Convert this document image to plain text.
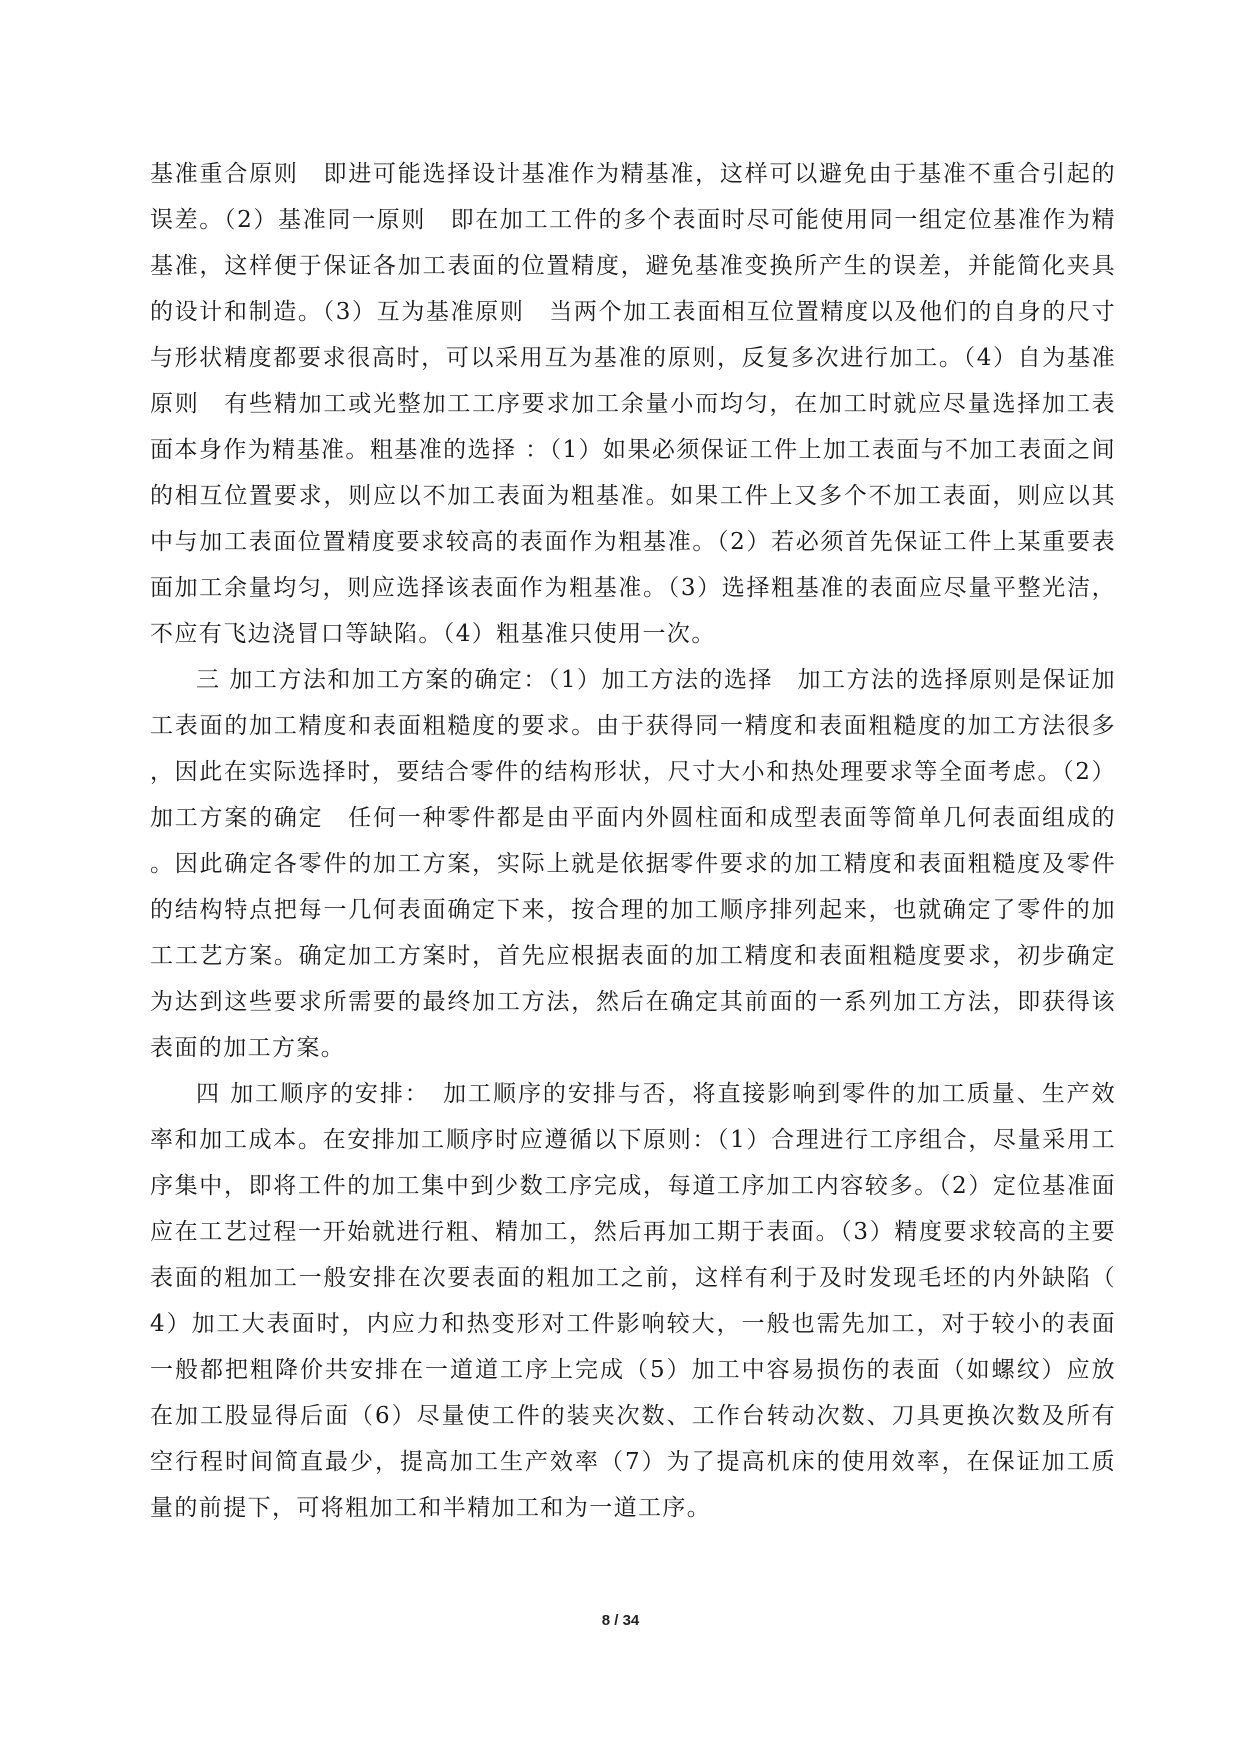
基准重合原则　即进可能选择设计基准作为精基准，这样可以避免由于基准不重合引起的误差。（2）基准同一原则　即在加工工件的多个表面时尽可能使用同一组定位基准作为精基准，这样便于保证各加工表面的位置精度，避免基准变换所产生的误差，并能简化夹具的设计和制造。（3）互为基准原则　当两个加工表面相互位置精度以及他们的自身的尺寸与形状精度都要求很高时，可以采用互为基准的原则，反复多次进行加工。（4）自为基准原则　有些精加工或光整加工工序要求加工余量小而均匀，在加工时就应尽量选择加工表面本身作为精基准。粗基准的选择 ：（1）如果必须保证工件上加工表面与不加工表面之间的相互位置要求，则应以不加工表面为粗基准。如果工件上又多个不加工表面，则应以其中与加工表面位置精度要求较高的表面作为粗基准。（2）若必须首先保证工件上某重要表面加工余量均匀，则应选择该表面作为粗基准。（3）选择粗基准的表面应尽量平整光洁，不应有飞边浇冒口等缺陷。（4）粗基准只使用一次。

三 加工方法和加工方案的确定：（1）加工方法的选择　加工方法的选择原则是保证加工表面的加工精度和表面粗糙度的要求。由于获得同一精度和表面粗糙度的加工方法很多，因此在实际选择时，要结合零件的结构形状，尺寸大小和热处理要求等全面考虑。（2）加工方案的确定　任何一种零件都是由平面内外圆柱面和成型表面等简单几何表面组成的。因此确定各零件的加工方案，实际上就是依据零件要求的加工精度和表面粗糙度及零件的结构特点把每一几何表面确定下来，按合理的加工顺序排列起来，也就确定了零件的加工工艺方案。确定加工方案时，首先应根据表面的加工精度和表面粗糙度要求，初步确定为达到这些要求所需要的最终加工方法，然后在确定其前面的一系列加工方法，即获得该表面的加工方案。

四 加工顺序的安排：　加工顺序的安排与否，将直接影响到零件的加工质量、生产效率和加工成本。在安排加工顺序时应遵循以下原则：（1）合理进行工序组合，尽量采用工序集中，即将工件的加工集中到少数工序完成，每道工序加工内容较多。（2）定位基准面应在工艺过程一开始就进行粗、精加工，然后再加工期于表面。（3）精度要求较高的主要表面的粗加工一般安排在次要表面的粗加工之前，这样有利于及时发现毛坯的内外缺陷（4）加工大表面时，内应力和热变形对工件影响较大，一般也需先加工，对于较小的表面一般都把粗降价共安排在一道道工序上完成（5）加工中容易损伤的表面（如螺纹）应放在加工股显得后面（6）尽量使工件的装夹次数、工作台转动次数、刀具更换次数及所有空行程时间简直最少，提高加工生产效率（7）为了提高机床的使用效率，在保证加工质量的前提下，可将粗加工和半精加工和为一道工序。

8 / 34
